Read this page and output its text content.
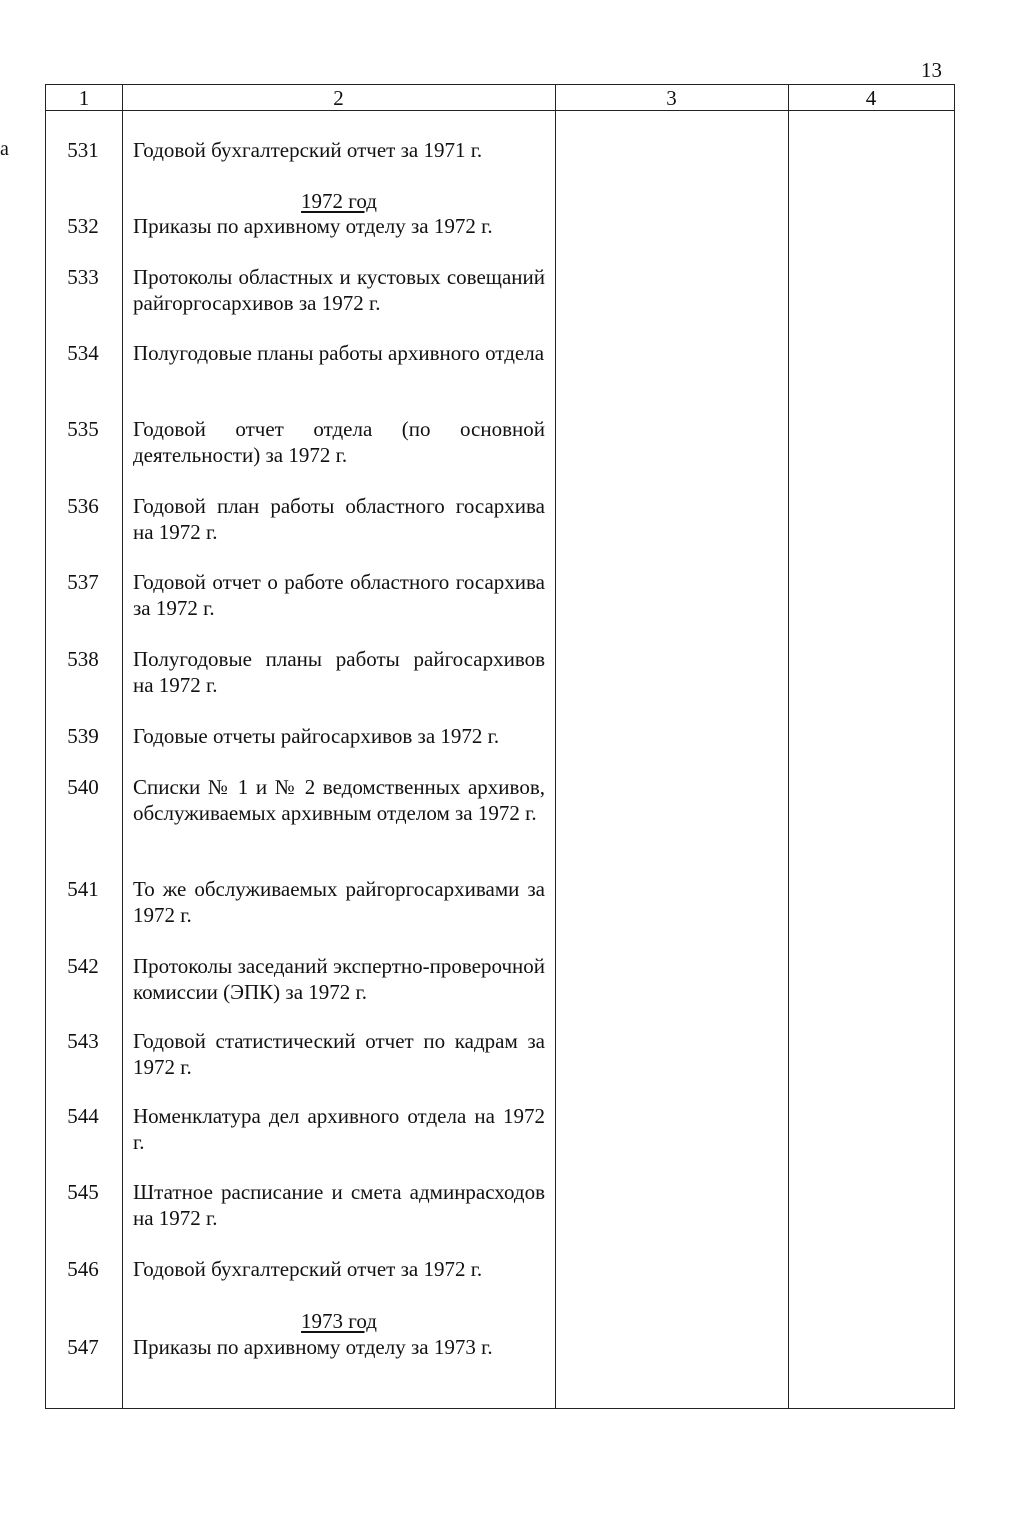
13
a
1	2	3	4
531	Годовой бухгалтерский отчет за 1971 г.
1972 год
532	Приказы по архивному отделу за 1972 г.
533	Протоколы областных и кустовых совещаний райгоргосархивов за 1972 г.
534	Полугодовые планы работы архивного отдела
535	Годовой отчет отдела (по основной деятельности) за 1972 г.
536	Годовой план работы областного госархива на 1972 г.
537	Годовой отчет о работе областного госархива за 1972 г.
538	Полугодовые планы работы райгосархивов на 1972 г.
539	Годовые отчеты райгосархивов за 1972 г.
540	Списки № 1 и № 2 ведомственных архивов, обслуживаемых архивным отделом за 1972 г.
541	То же обслуживаемых райгоргосархивами за 1972 г.
542	Протоколы заседаний экспертно-проверочной комиссии (ЭПК) за 1972 г.
543	Годовой статистический отчет по кадрам за 1972 г.
544	Номенклатура дел архивного отдела на 1972 г.
545	Штатное расписание и смета админрасходов на 1972 г.
546	Годовой бухгалтерский отчет за 1972 г.
1973 год
547	Приказы по архивному отделу за 1973 г.
